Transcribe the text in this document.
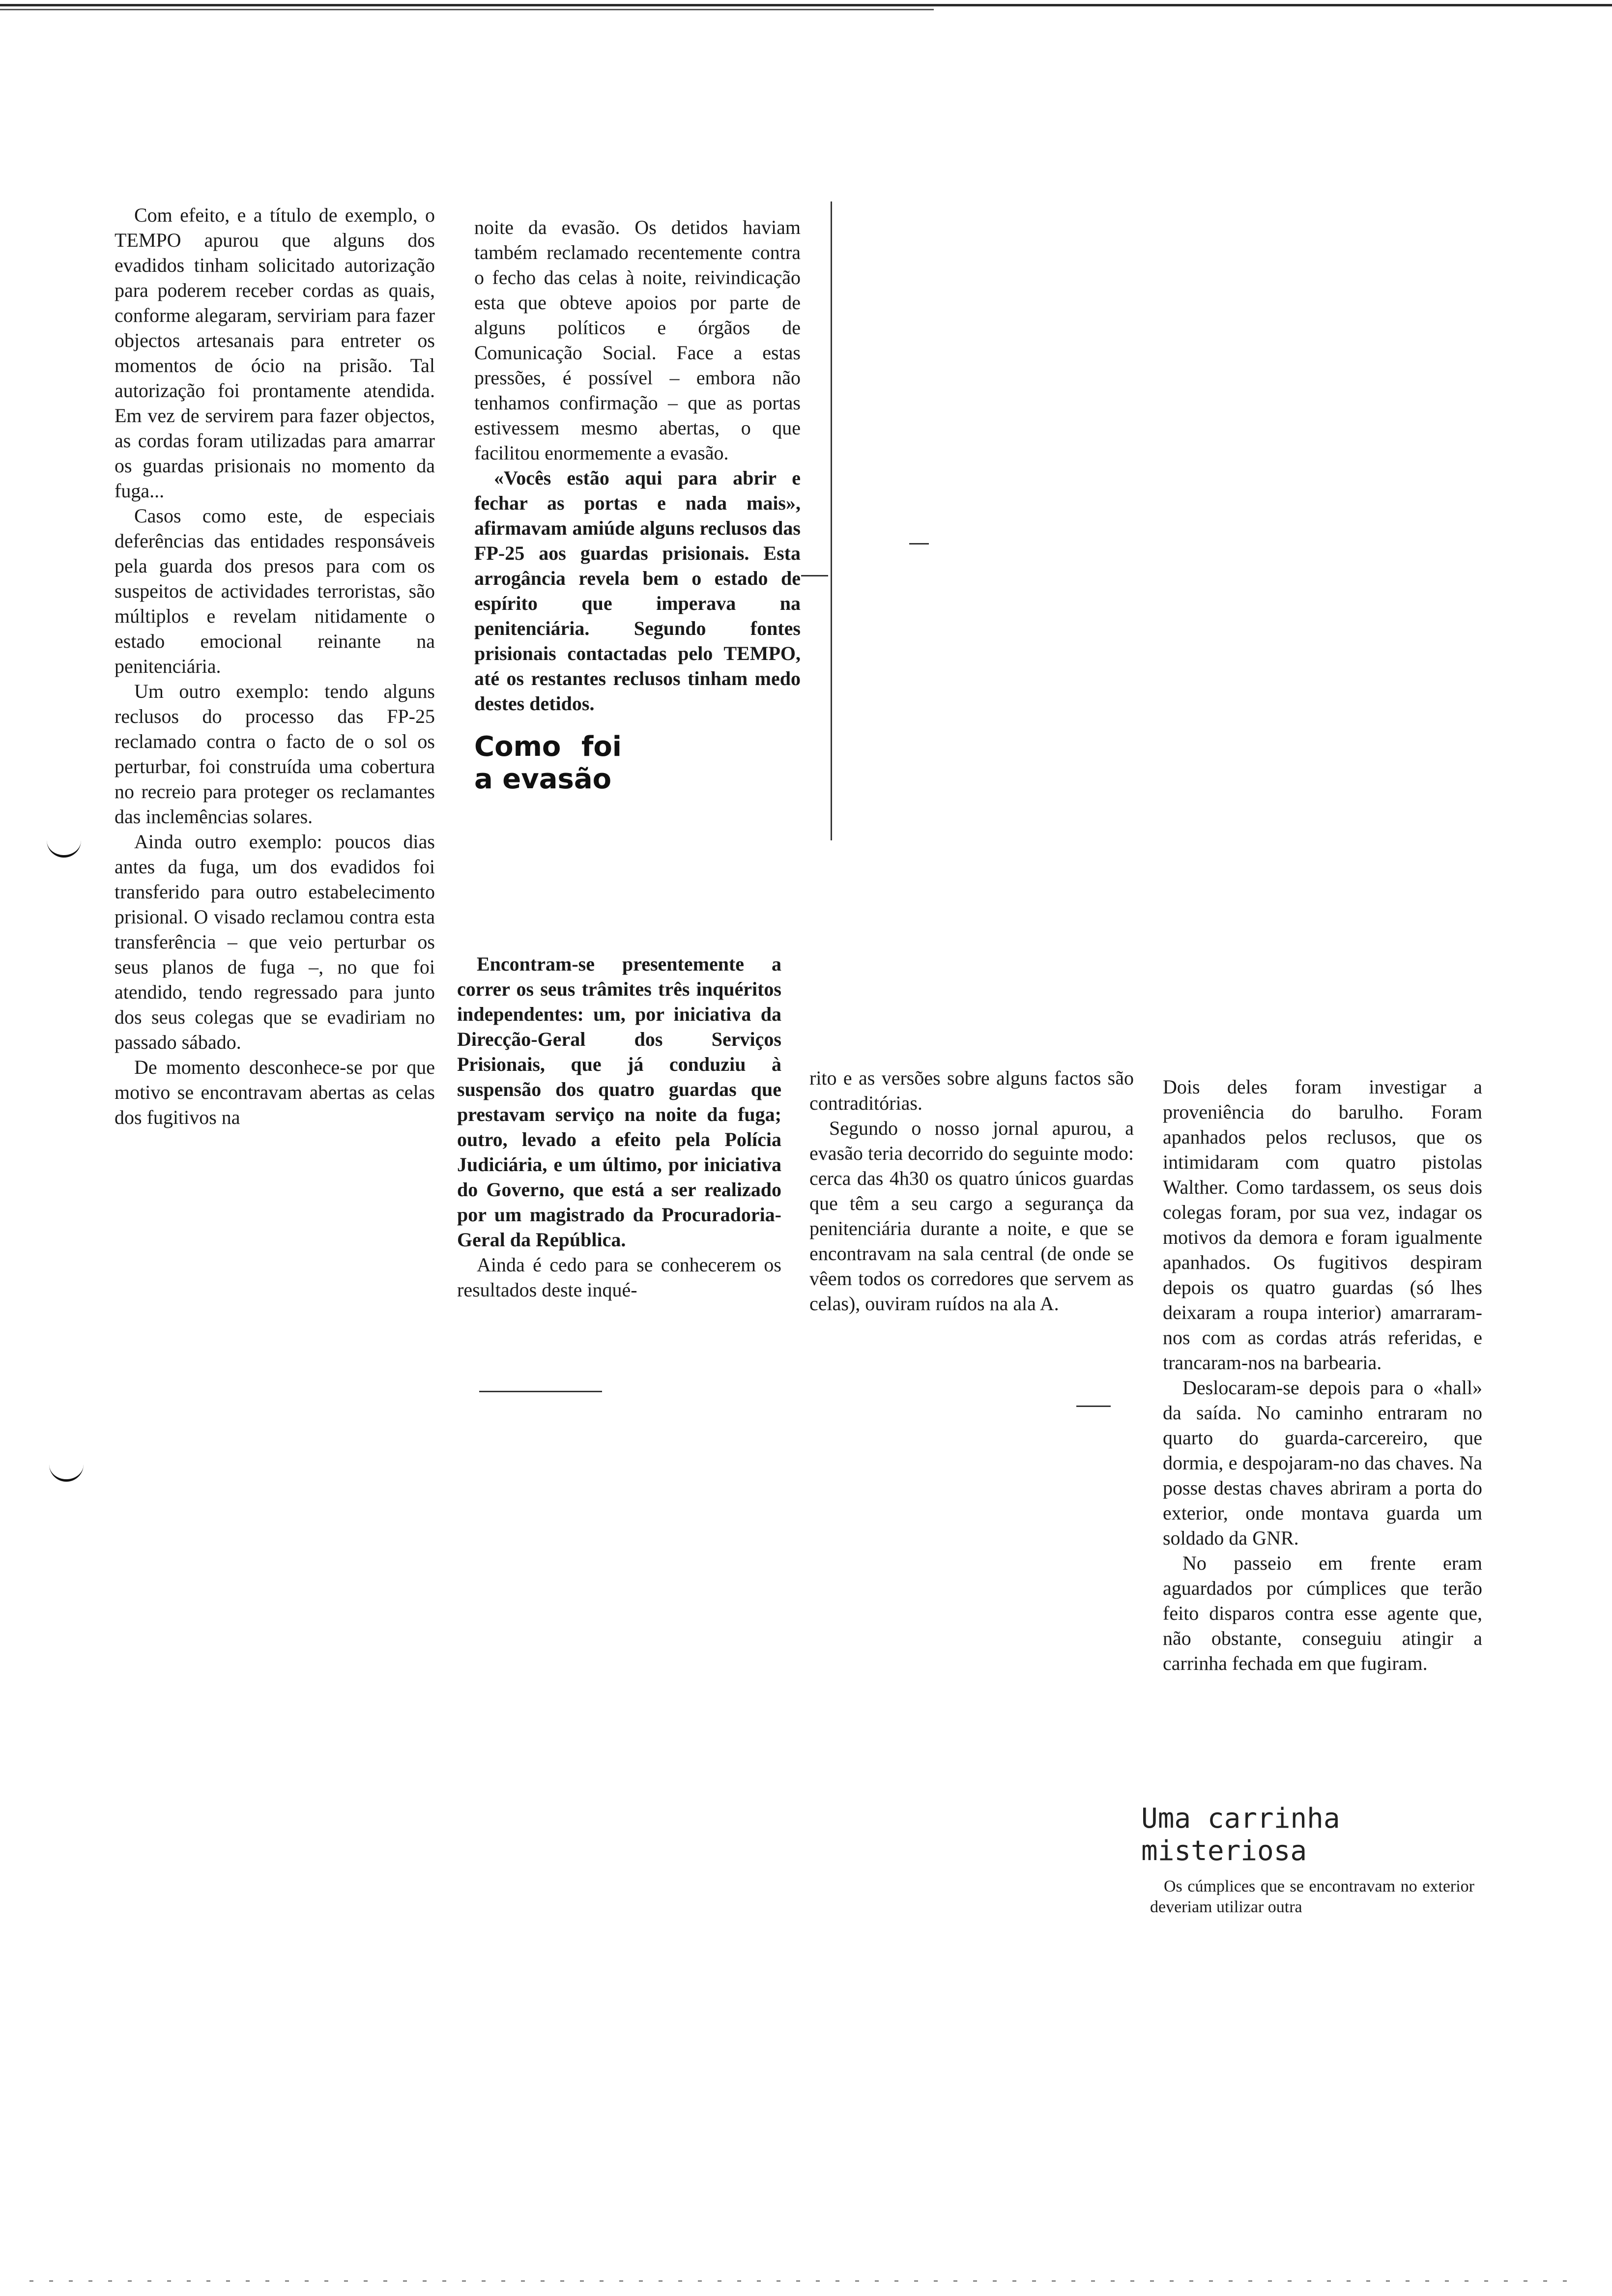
Com efeito, e a título de exemplo, o TEMPO apurou que alguns dos evadidos tinham solicitado autorização para poderem receber cordas as quais, conforme alegaram, serviriam para fazer objectos artesanais para entreter os momentos de ócio na prisão. Tal autorização foi prontamente atendida. Em vez de servirem para fazer objectos, as cordas foram utilizadas para amarrar os guardas prisionais no momento da fuga...

Casos como este, de especiais deferências das entidades responsáveis pela guarda dos presos para com os suspeitos de actividades terroristas, são múltiplos e revelam nitidamente o estado emocional reinante na penitenciária.

Um outro exemplo: tendo alguns reclusos do processo das FP-25 reclamado contra o facto de o sol os perturbar, foi construída uma cobertura no recreio para proteger os reclamantes das inclemências solares.

Ainda outro exemplo: poucos dias antes da fuga, um dos evadidos foi transferido para outro estabelecimento prisional. O visado reclamou contra esta transferência – que veio perturbar os seus planos de fuga –, no que foi atendido, tendo regressado para junto dos seus colegas que se evadiriam no passado sábado.

De momento desconhece-se por que motivo se encontravam abertas as celas dos fugitivos na

noite da evasão. Os detidos haviam também reclamado recentemente contra o fecho das celas à noite, reivindicação esta que obteve apoios por parte de alguns políticos e órgãos de Comunicação Social. Face a estas pressões, é possível – embora não tenhamos confirmação – que as portas estivessem mesmo abertas, o que facilitou enormemente a evasão.

«Vocês estão aqui para abrir e fechar as portas e nada mais», afirmavam amiúde alguns reclusos das FP-25 aos guardas prisionais. Esta arrogância revela bem o estado de espírito que imperava na penitenciária. Segundo fontes prisionais contactadas pelo TEMPO, até os restantes reclusos tinham medo destes detidos.

Como foi a evasão

Encontram-se presentemente a correr os seus trâmites três inquéritos independentes: um, por iniciativa da Direcção-Geral dos Serviços Prisionais, que já conduziu à suspensão dos quatro guardas que prestavam serviço na noite da fuga; outro, levado a efeito pela Polícia Judiciária, e um último, por iniciativa do Governo, que está a ser realizado por um magistrado da Procuradoria-Geral da República.

Ainda é cedo para se conhecerem os resultados deste inqué-

rito e as versões sobre alguns factos são contraditórias.

Segundo o nosso jornal apurou, a evasão teria decorrido do seguinte modo: cerca das 4h30 os quatro únicos guardas que têm a seu cargo a segurança da penitenciária durante a noite, e que se encontravam na sala central (de onde se vêem todos os corredores que servem as celas), ouviram ruídos na ala A.

Dois deles foram investigar a proveniência do barulho. Foram apanhados pelos reclusos, que os intimidaram com quatro pistolas Walther. Como tardassem, os seus dois colegas foram, por sua vez, indagar os motivos da demora e foram igualmente apanhados. Os fugitivos despiram depois os quatro guardas (só lhes deixaram a roupa interior) amarraram-nos com as cordas atrás referidas, e trancaram-nos na barbearia.

Deslocaram-se depois para o «hall» da saída. No caminho entraram no quarto do guarda-carcereiro, que dormia, e despojaram-no das chaves. Na posse destas chaves abriram a porta do exterior, onde montava guarda um soldado da GNR.

No passeio em frente eram aguardados por cúmplices que terão feito disparos contra esse agente que, não obstante, conseguiu atingir a carrinha fechada em que fugiram.

Uma carrinha misteriosa

Os cúmplices que se encontravam no exterior deveriam utilizar outra
